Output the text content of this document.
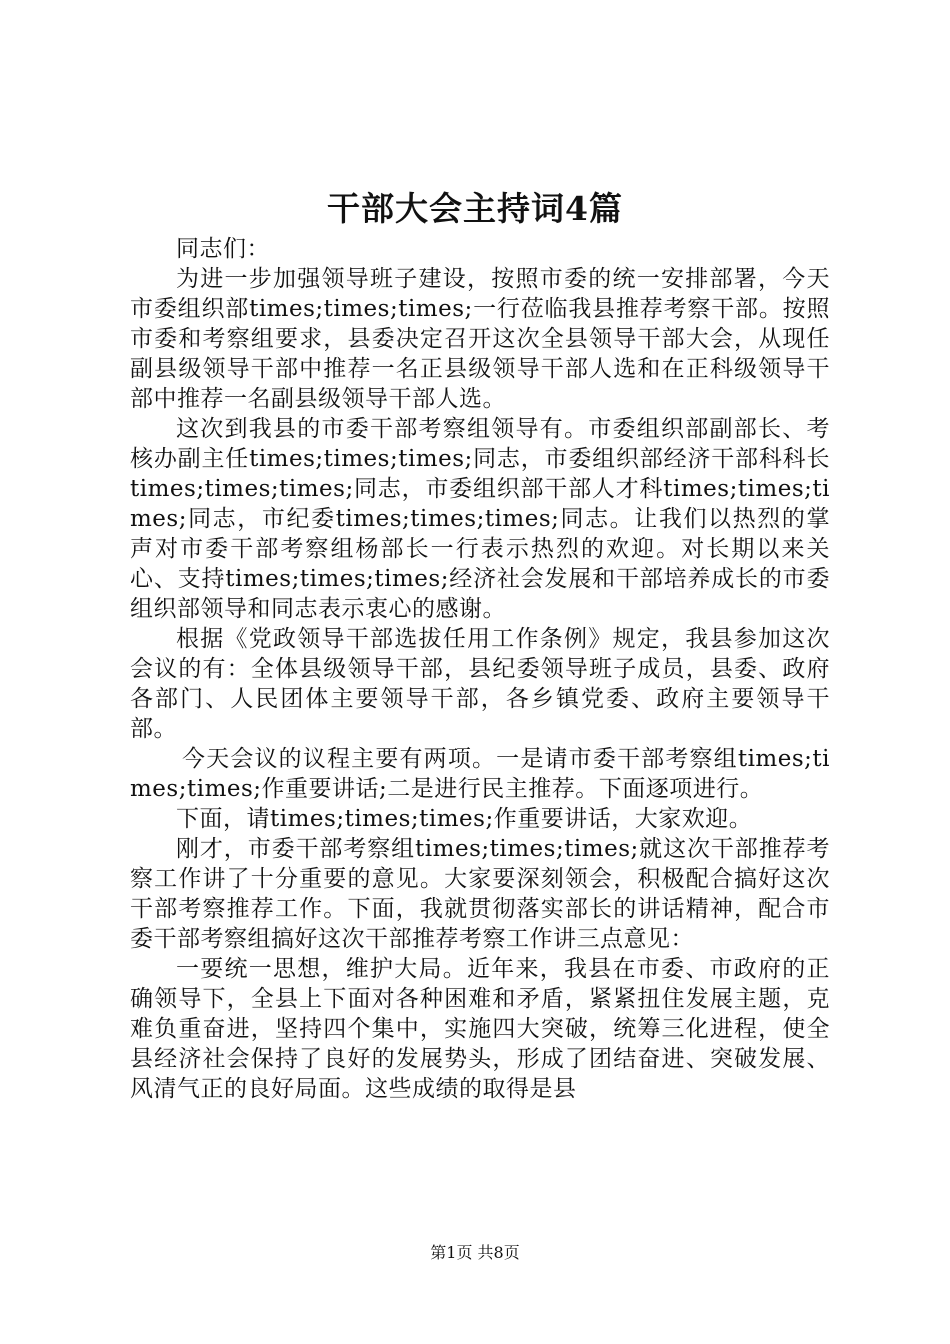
干部大会主持词4篇

同志们：

为进一步加强领导班子建设，按照市委的统一安排部署，今天市委组织部times;times;times;一行莅临我县推荐考察干部。按照市委和考察组要求，县委决定召开这次全县领导干部大会，从现任副县级领导干部中推荐一名正县级领导干部人选和在正科级领导干部中推荐一名副县级领导干部人选。

这次到我县的市委干部考察组领导有。市委组织部副部长、考核办副主任times;times;times;同志，市委组织部经济干部科科长times;times;times;同志，市委组织部干部人才科times;times;times;同志，市纪委times;times;times;同志。让我们以热烈的掌声对市委干部考察组杨部长一行表示热烈的欢迎。对长期以来关心、支持times;times;times;经济社会发展和干部培养成长的市委组织部领导和同志表示衷心的感谢。

根据《党政领导干部选拔任用工作条例》规定，我县参加这次会议的有：全体县级领导干部，县纪委领导班子成员，县委、政府各部门、人民团体主要领导干部，各乡镇党委、政府主要领导干部。

今天会议的议程主要有两项。一是请市委干部考察组times;times;times;作重要讲话;二是进行民主推荐。下面逐项进行。

下面，请times;times;times;作重要讲话，大家欢迎。

刚才，市委干部考察组times;times;times;就这次干部推荐考察工作讲了十分重要的意见。大家要深刻领会，积极配合搞好这次干部考察推荐工作。下面，我就贯彻落实部长的讲话精神，配合市委干部考察组搞好这次干部推荐考察工作讲三点意见：

一要统一思想，维护大局。近年来，我县在市委、市政府的正确领导下，全县上下面对各种困难和矛盾，紧紧扭住发展主题，克难负重奋进，坚持四个集中，实施四大突破，统筹三化进程，使全县经济社会保持了良好的发展势头，形成了团结奋进、突破发展、风清气正的良好局面。这些成绩的取得是县

第1页 共8页
